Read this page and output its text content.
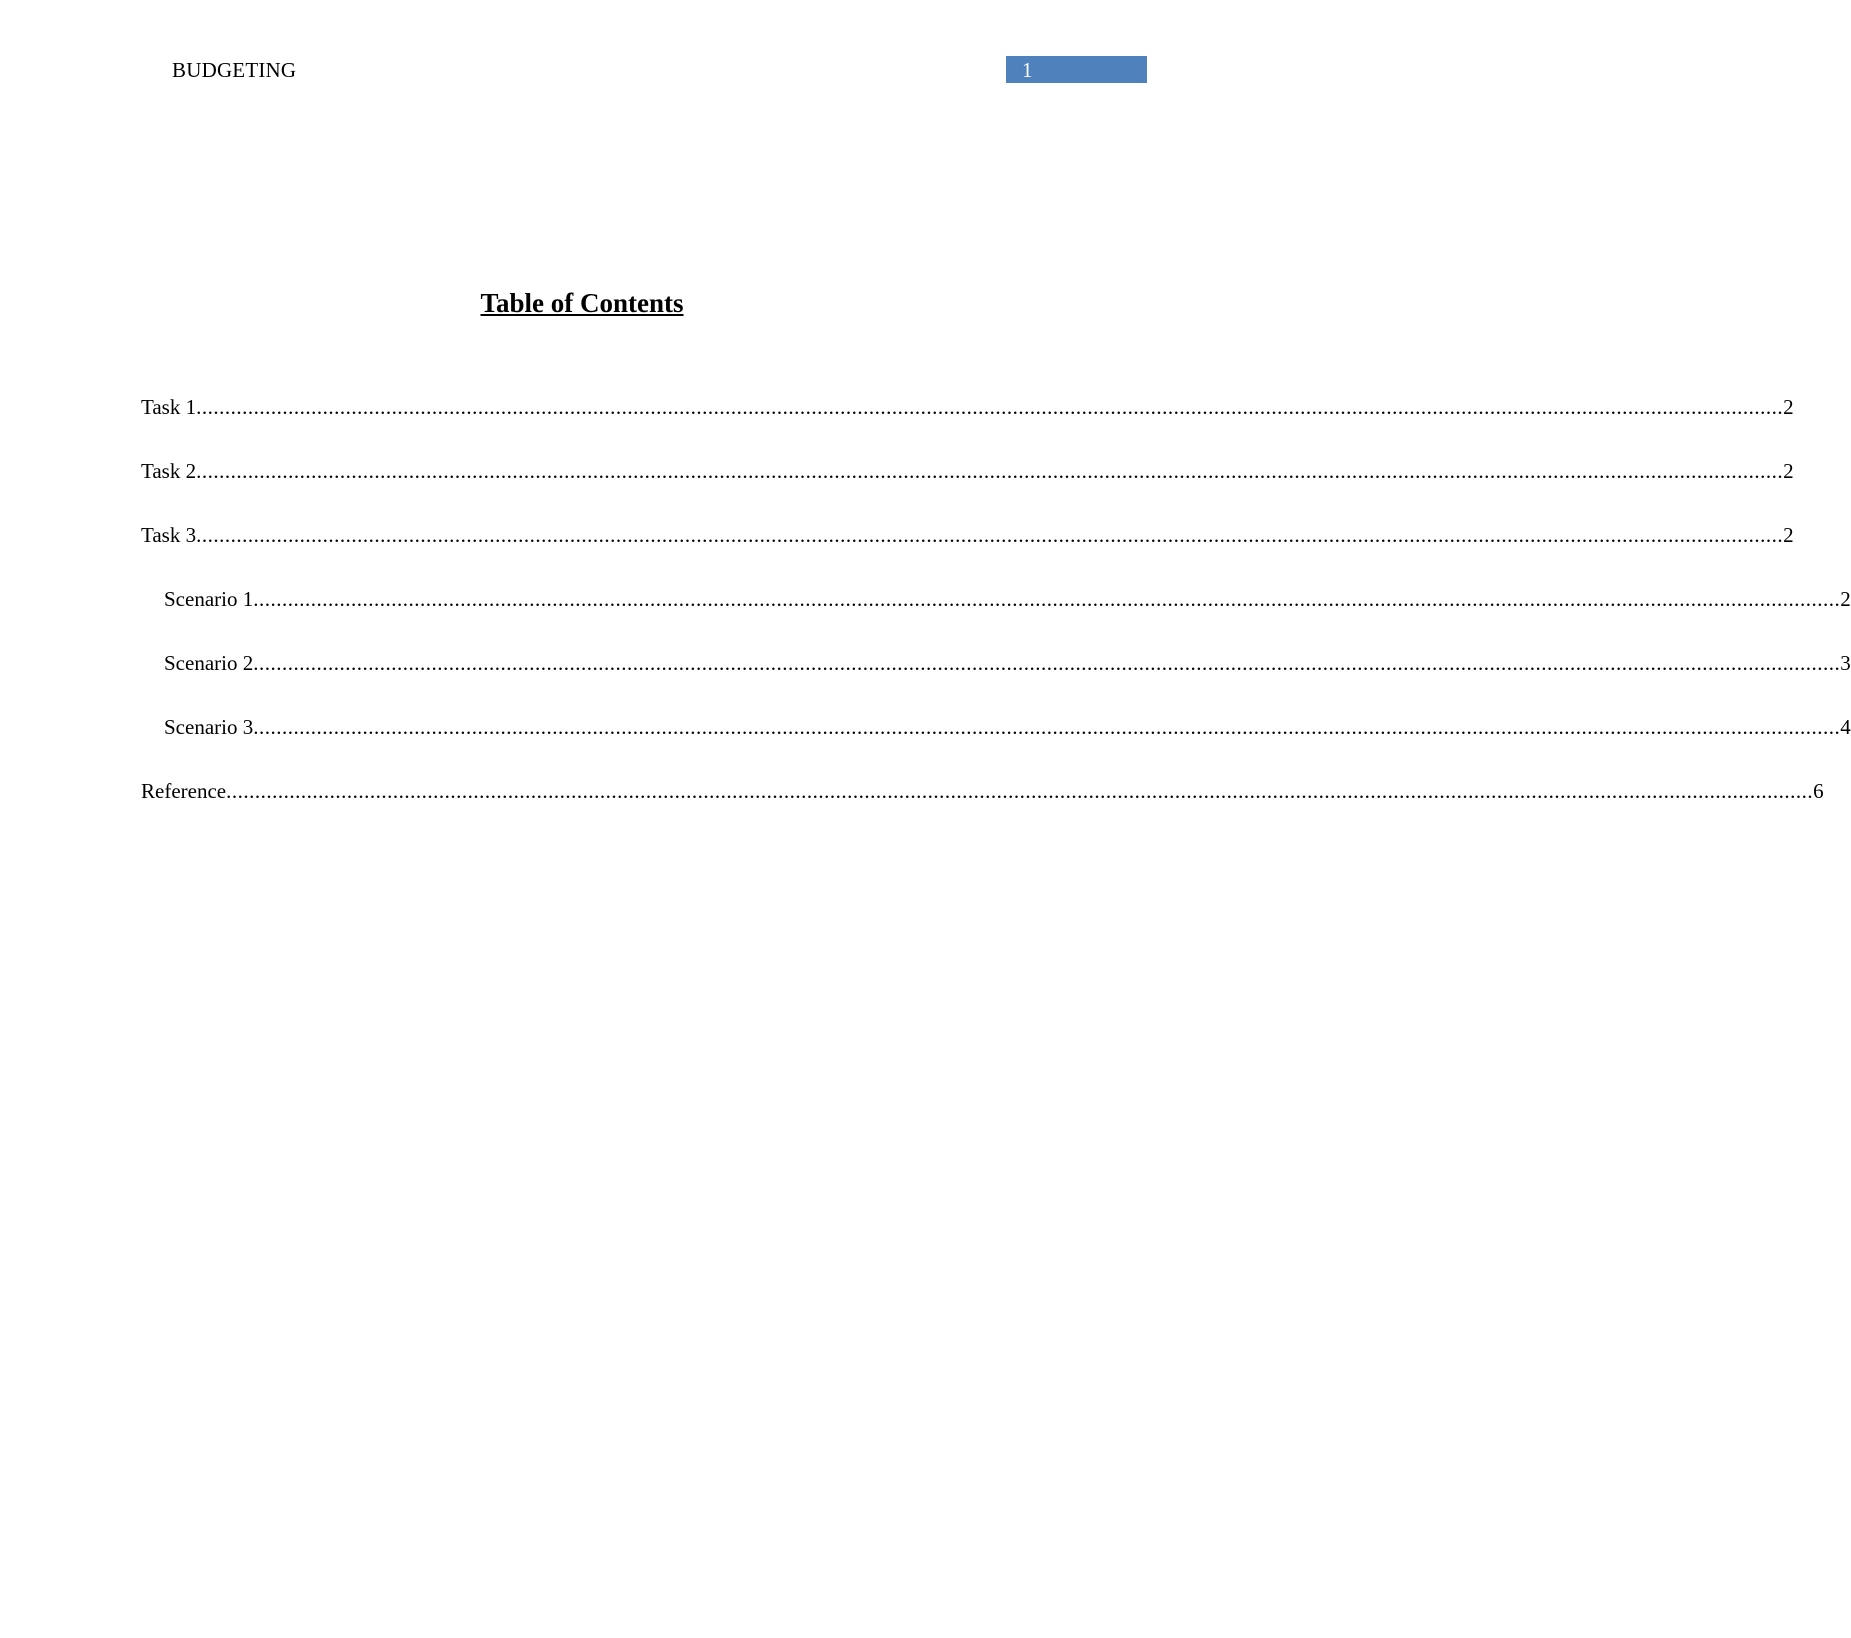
BUDGETING	1
Table of Contents
Task 1 .................................................................................................................................................................................................................................................................................... 2
Task 2 .................................................................................................................................................................................................................................................................................... 2
Task 3 .................................................................................................................................................................................................................................................................................... 2
Scenario 1 .................................................................................................................................................................................................................................................................................... 2
Scenario 2 .................................................................................................................................................................................................................................................................................... 3
Scenario 3 .................................................................................................................................................................................................................................................................................... 4
Reference .................................................................................................................................................................................................................................................................................... 6
